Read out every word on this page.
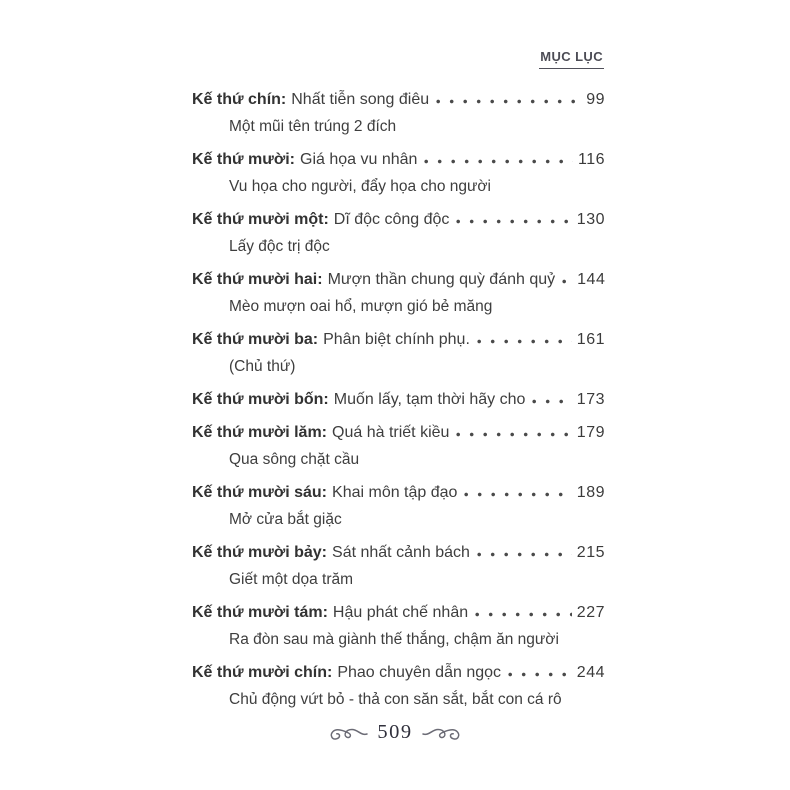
MỤC LỤC
Kế thứ chín: Nhất tiễn song điêu	99
Một mũi tên trúng 2 đích
Kế thứ mười: Giá họa vu nhân	116
Vu họa cho người, đẩy họa cho người
Kế thứ mười một: Dĩ độc công độc	130
Lấy độc trị độc
Kế thứ mười hai: Mượn thần chung quỳ đánh quỷ 144
Mèo mượn oai hổ, mượn gió bẻ măng
Kế thứ mười ba: Phân biệt chính phụ.	161
(Chủ thứ)
Kế thứ mười bốn: Muốn lấy, tạm thời hãy cho	173
Kế thứ mười lăm: Quá hà triết kiều	179
Qua sông chặt cầu
Kế thứ mười sáu: Khai môn tập đạo	189
Mở cửa bắt giặc
Kế thứ mười bảy: Sát nhất cảnh bách	215
Giết một dọa trăm
Kế thứ mười tám: Hậu phát chế nhân	227
Ra đòn sau mà giành thế thắng, chậm ăn người
Kế thứ mười chín: Phao chuyên dẫn ngọc	244
Chủ động vứt bỏ - thả con săn sắt, bắt con cá rô
509
